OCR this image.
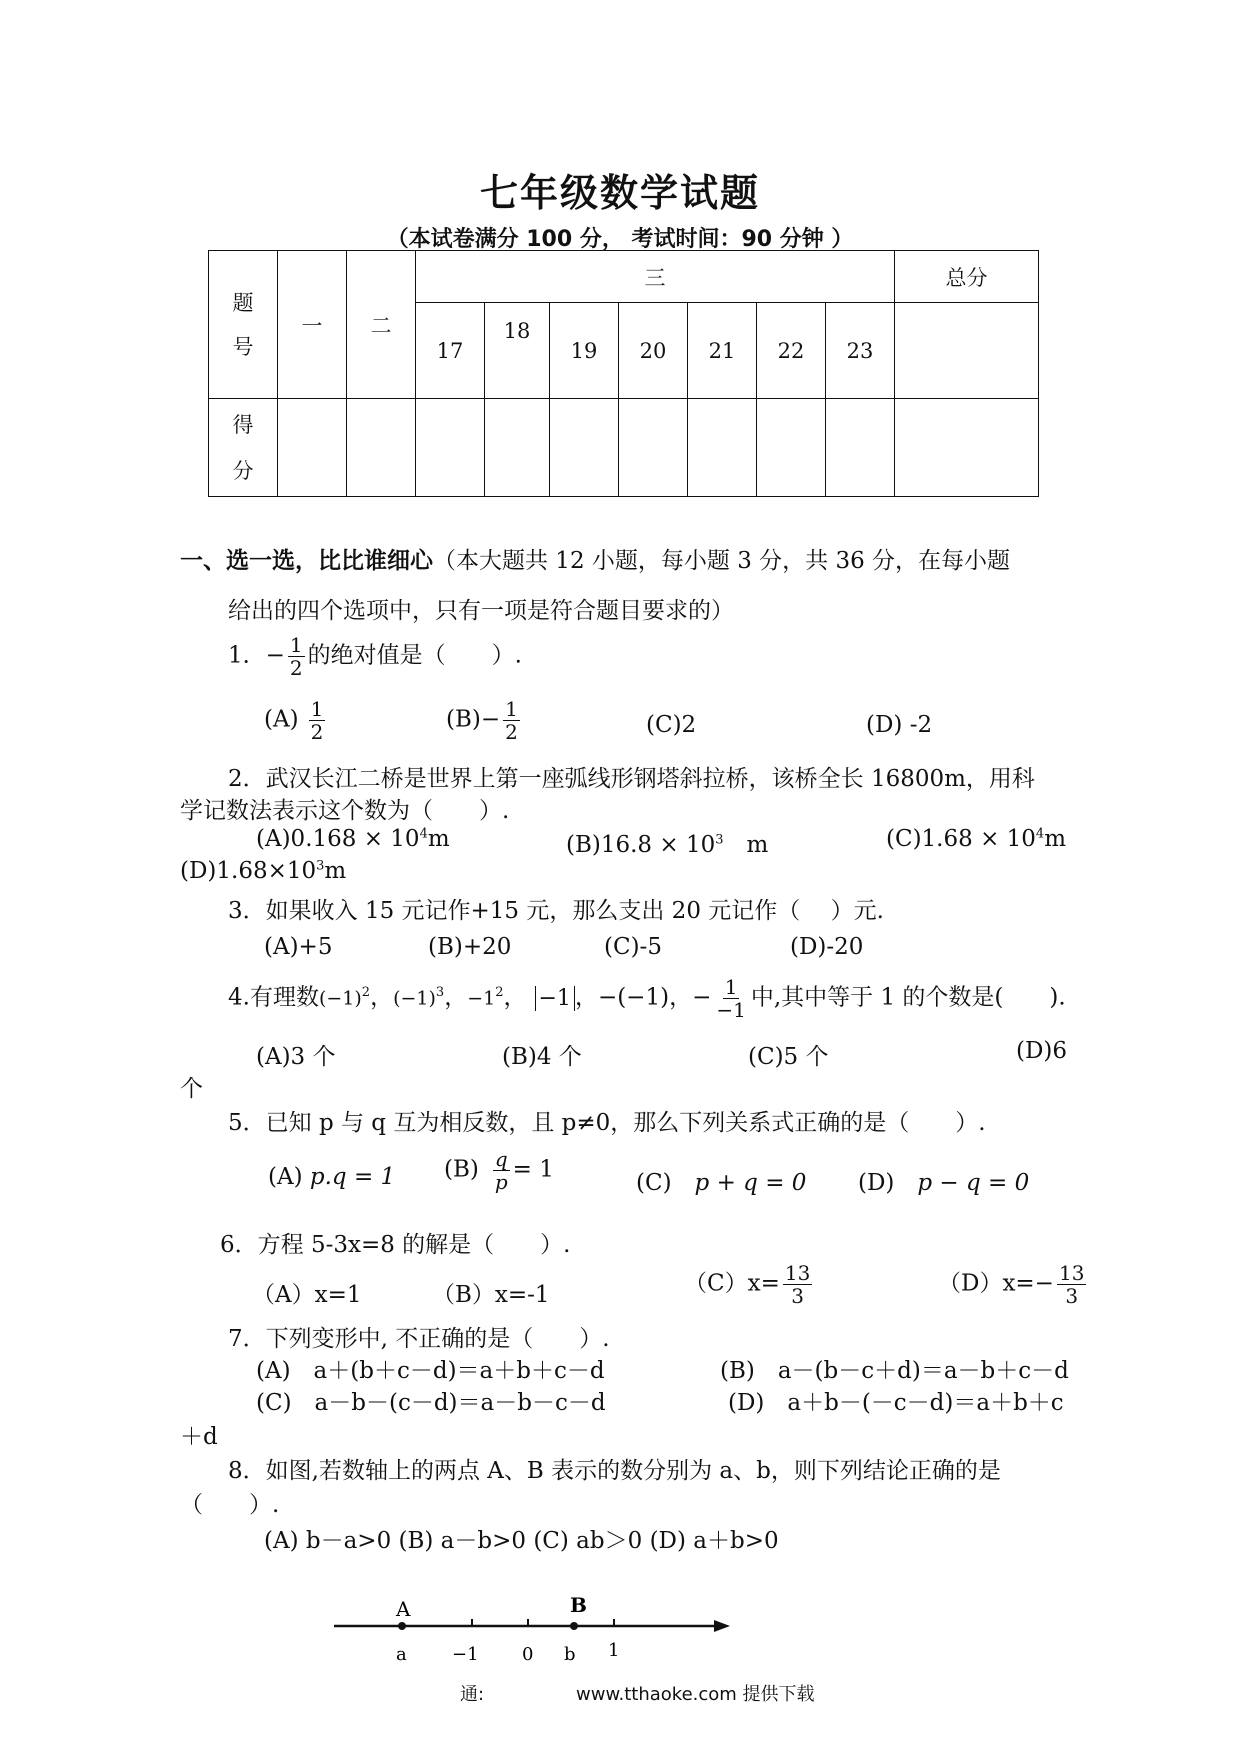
七年级数学试题
（本试卷满分 100 分， 考试时间：90 分钟 ）
题
号	一	二	三							总分
			17	18	19	20	21	22	23	

得
分										

一、选一选，比比谁细心（本大题共 12 小题，每小题 3 分，共 36 分，在每小题
给出的四个选项中，只有一项是符合题目要求的）
1．− $\frac{1}{2}$ 的绝对值是（　　）.
$(A) \frac{1}{2}$	$(B)- \frac{1}{2}$	(C)2	(D) -2
2．武汉长江二桥是世界上第一座弧线形钢塔斜拉桥，该桥全长 16800m，用科
学记数法表示这个数为（　　）.
$(A)0.168 \times 10^4m$	$(B)16.8 \times 10^3$　m	$(C)1.68 \times 10^4m$
$(D)1.68\times 10^3m$
3．如果收入 15 元记作+15 元，那么支出 20 元记作（　 ）元.
(A)+5	(B)+20	(C)-5	(D)-20
4.有理数$(-1)^2$，$(-1)^3$，$-1^2$， −1 ，−(−1)，− $\frac{1}{-1}$ 中,其中等于 1 的个数是(　　).
(A)3 个	(B)4 个	(C)5 个	(D)6
个
5．已知 p 与 q 互为相反数，且 p≠0，那么下列关系式正确的是（　　）.
(A) p.q = 1 $(B) \frac{q}{p} = 1$
(C)　 p + q = 0 (D)　 p − q = 0
6．方程 5-3x=8 的解是（　　）.
（A）x=1	（B）x=-1	$(C)x= \frac{13}{3}$	$(D)x=- \frac{13}{3}$
7．下列变形中, 不正确的是（　　）.
(A)　a＋(b＋c－d)＝a＋b＋c－d	(B)　a－(b－c＋d)＝a－b＋c－d
(C)　a－b－(c－d)＝a－b－c－d	(D)　a＋b－(－c－d)＝a＋b＋c
＋d
8．如图,若数轴上的两点 A、B 表示的数分别为 a、b，则下列结论正确的是
（　　）.
(A) b－a>0 (B) a－b>0 (C) ab＞0 (D) a＋b>0
A	B
a	−1 0 b 1
通:	www.tthaoke.com 提供下载
